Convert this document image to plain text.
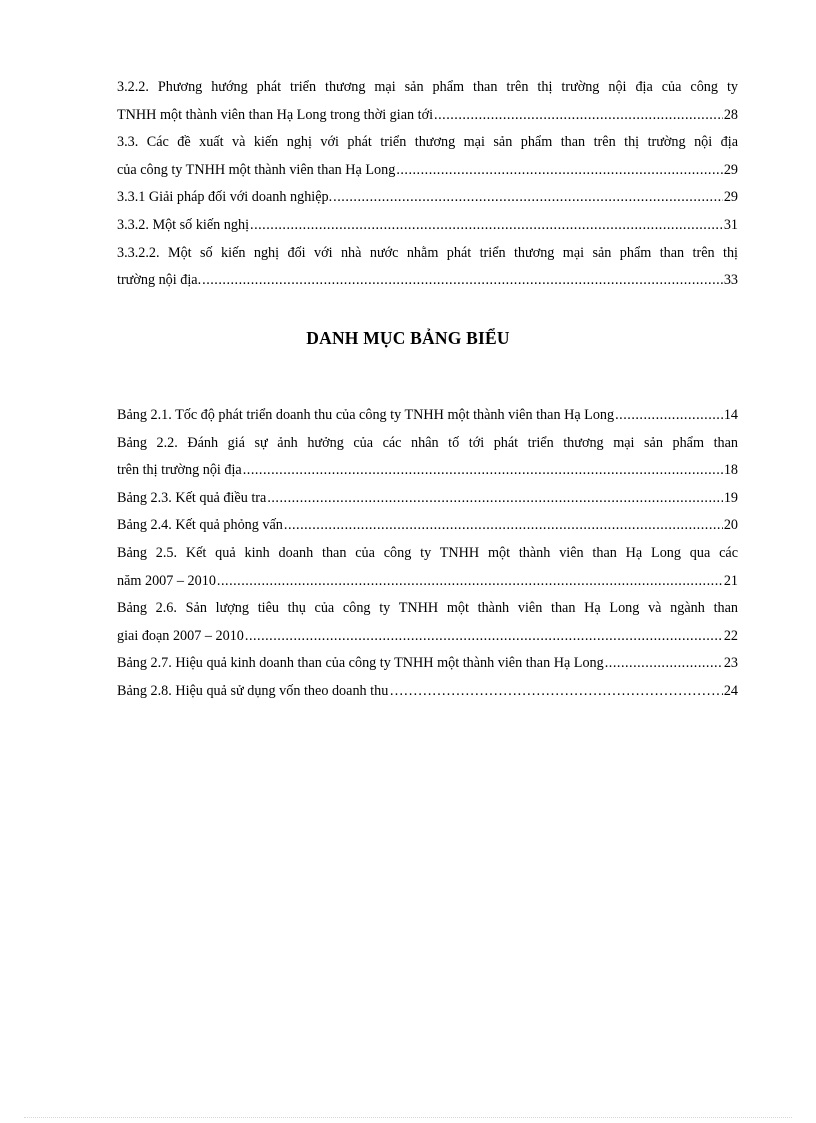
3.2.2. Phương hướng phát triển thương mại sản phẩm than trên thị trường nội địa của công ty
TNHH một thành viên than Hạ Long trong thời gian tới .....	28
3.3. Các đề xuất và kiến nghị với phát triển thương mại sản phẩm than trên thị trường nội địa
của công ty TNHH một thành viên than Hạ Long .....	29
3.3.1 Giải pháp đối với doanh nghiệp. .....	29
3.3.2. Một số kiến nghị .....	31
3.3.2.2. Một số kiến nghị đối với nhà nước nhằm phát triển thương mại sản phẩm than trên thị
trường nội địa. .....	33
DANH MỤC BẢNG BIỂU
Bảng 2.1. Tốc độ phát triển doanh thu của công ty TNHH một thành viên than Hạ Long .....	14
Bảng 2.2. Đánh giá sự ảnh hưởng của các nhân tố tới phát triển thương mại sản phẩm than
trên thị trường nội địa .....	18
Bảng 2.3. Kết quả điều tra .....	19
Bảng 2.4. Kết quả phỏng vấn .....	20
Bảng 2.5. Kết quả kinh doanh than của công ty TNHH một thành viên than Hạ Long qua các
năm 2007 – 2010 .....	21
Bảng 2.6. Sản lượng tiêu thụ của công ty TNHH một thành viên than Hạ Long và ngành than
giai đoạn 2007 – 2010 .....	22
Bảng 2.7. Hiệu quả kinh doanh than của công ty TNHH một thành viên than Hạ Long .....	23
Bảng 2.8. Hiệu quả sử dụng vốn theo doanh thu …………………………………………………………………………………………………………………………	24
